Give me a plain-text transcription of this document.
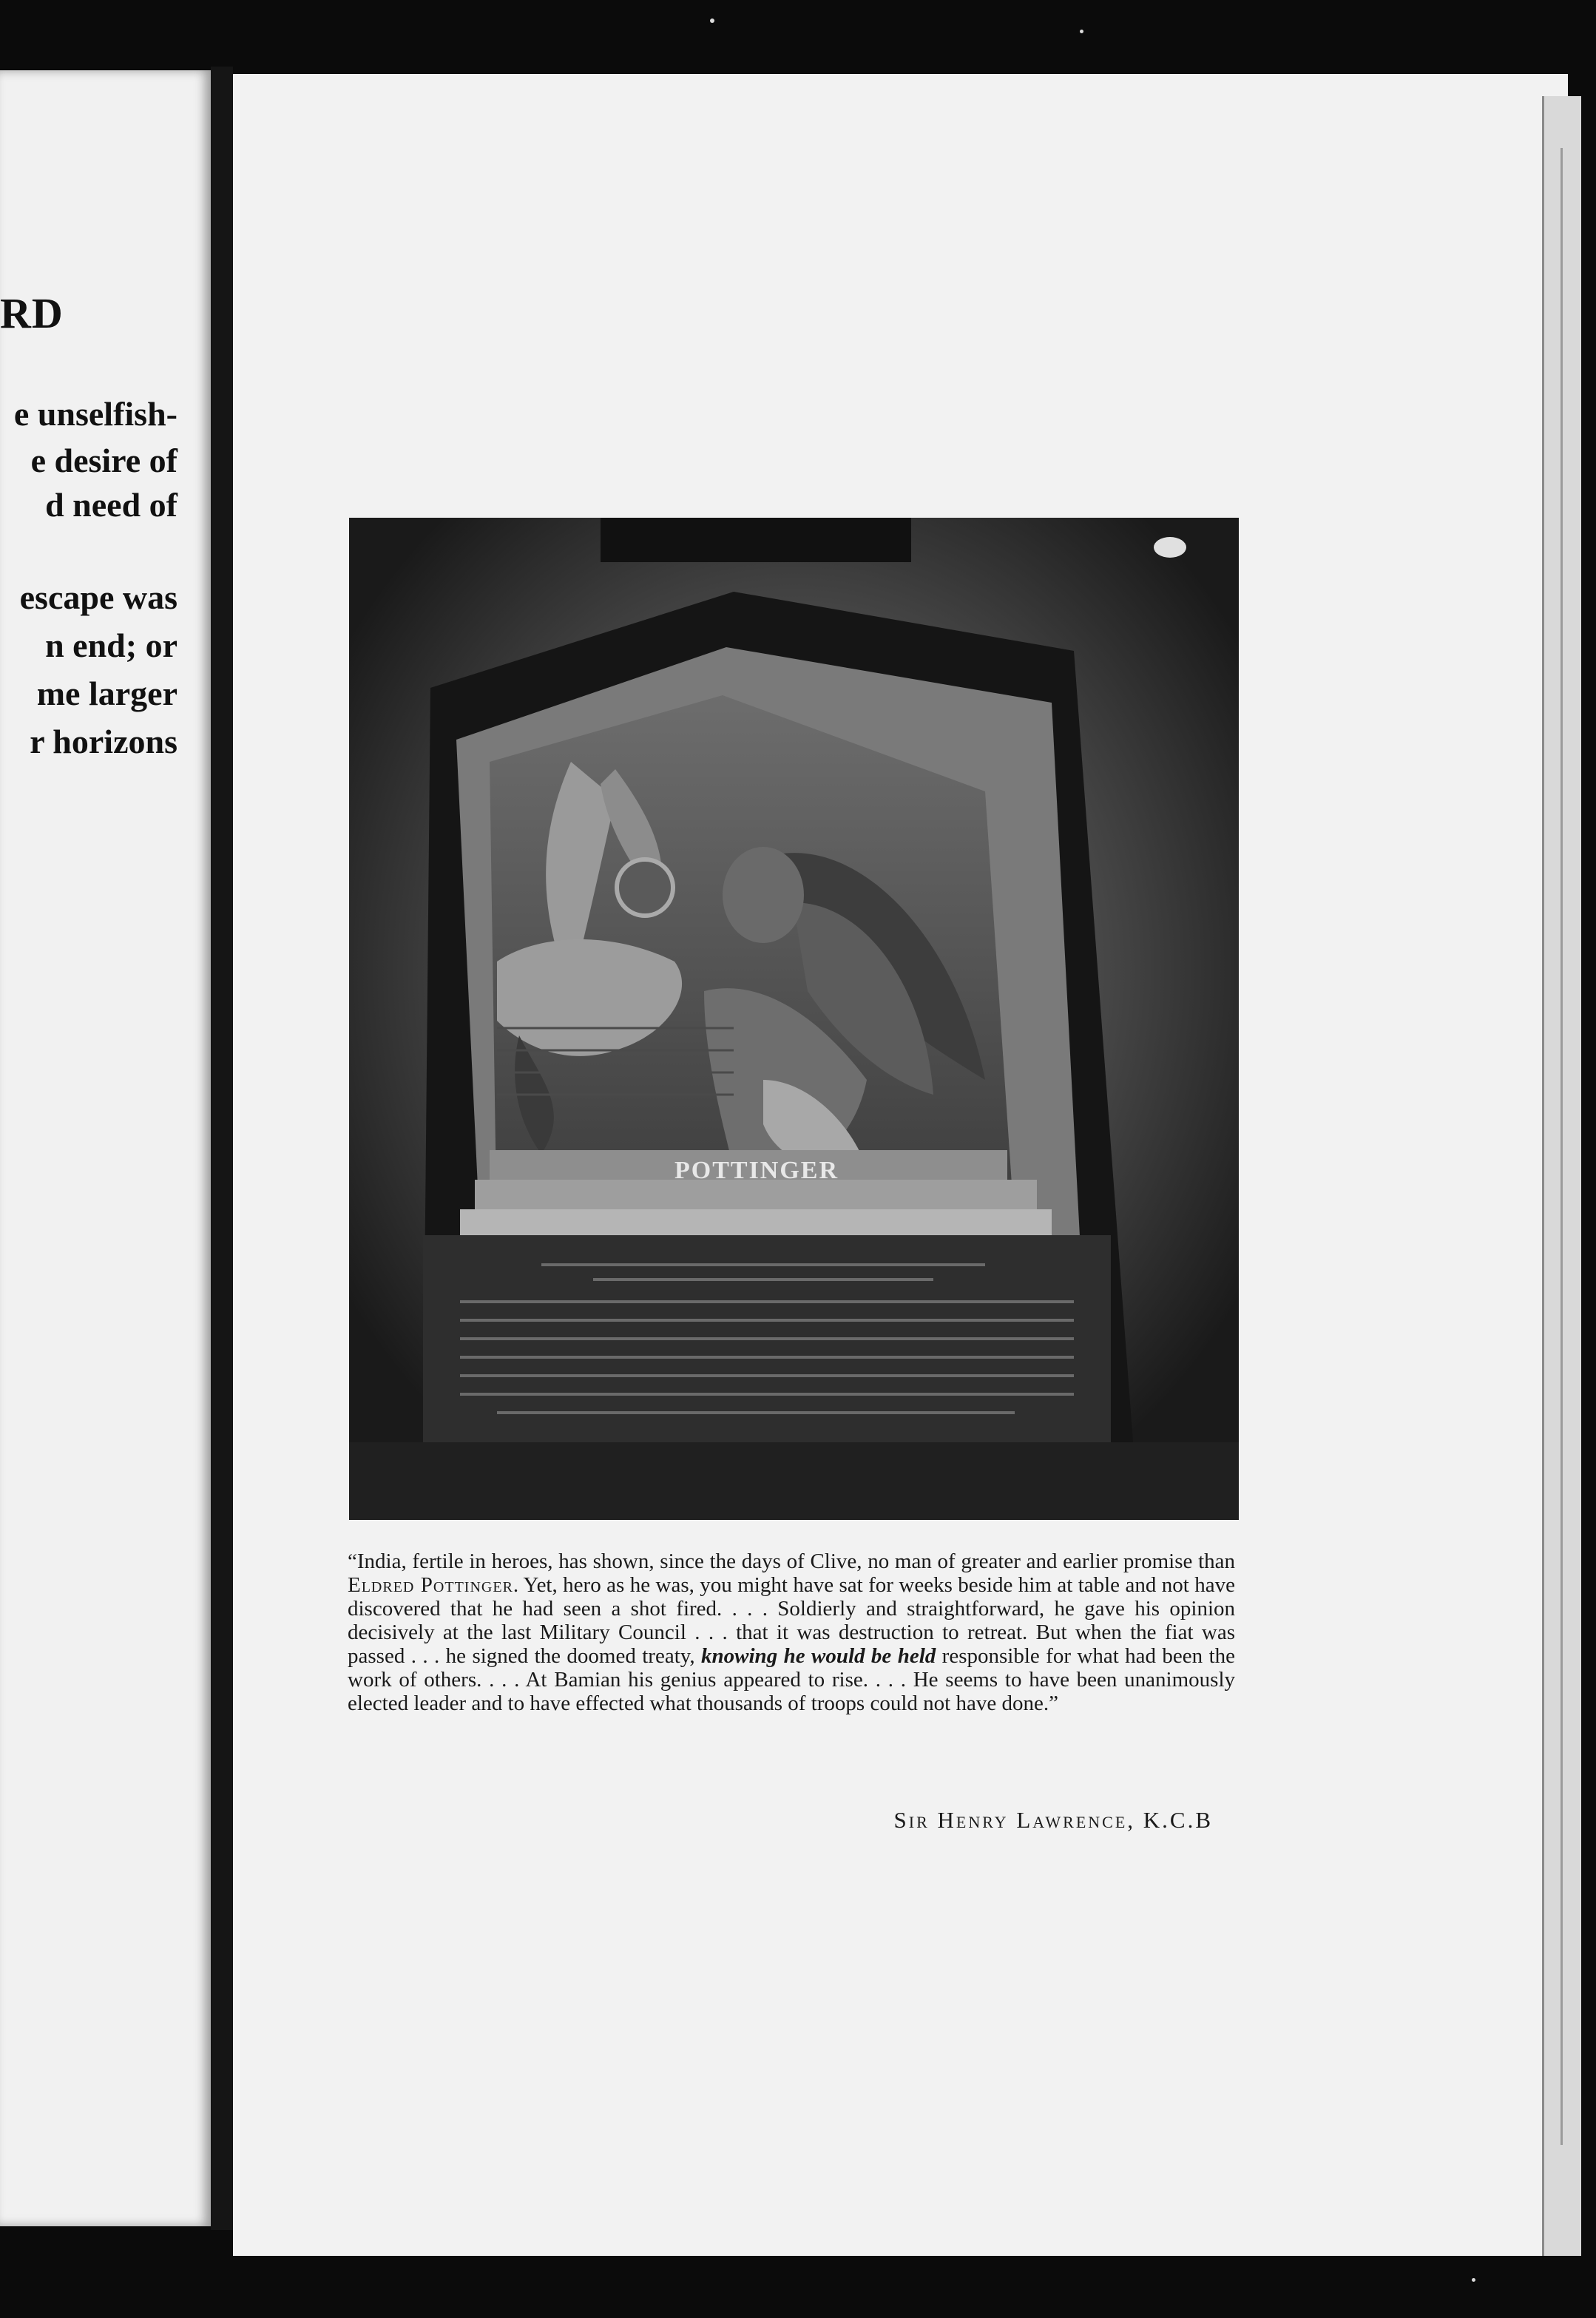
RD

e unselfish-

e desire of

d need of

escape was

n end; or

me larger

r horizons

POTTINGER

“India, fertile in heroes, has shown, since the days of Clive, no man of greater and earlier promise than Eldred Pottinger. Yet, hero as he was, you might have sat for weeks beside him at table and not have discovered that he had seen a shot fired. . . . Soldierly and straightforward, he gave his opinion decisively at the last Military Council . . . that it was destruction to retreat. But when the fiat was passed . . . he signed the doomed treaty, knowing he would be held responsible for what had been the work of others. . . . At Bamian his genius appeared to rise. . . . He seems to have been unanimously elected leader and to have effected what thousands of troops could not have done.”

Sir Henry Lawrence, K.C.B
